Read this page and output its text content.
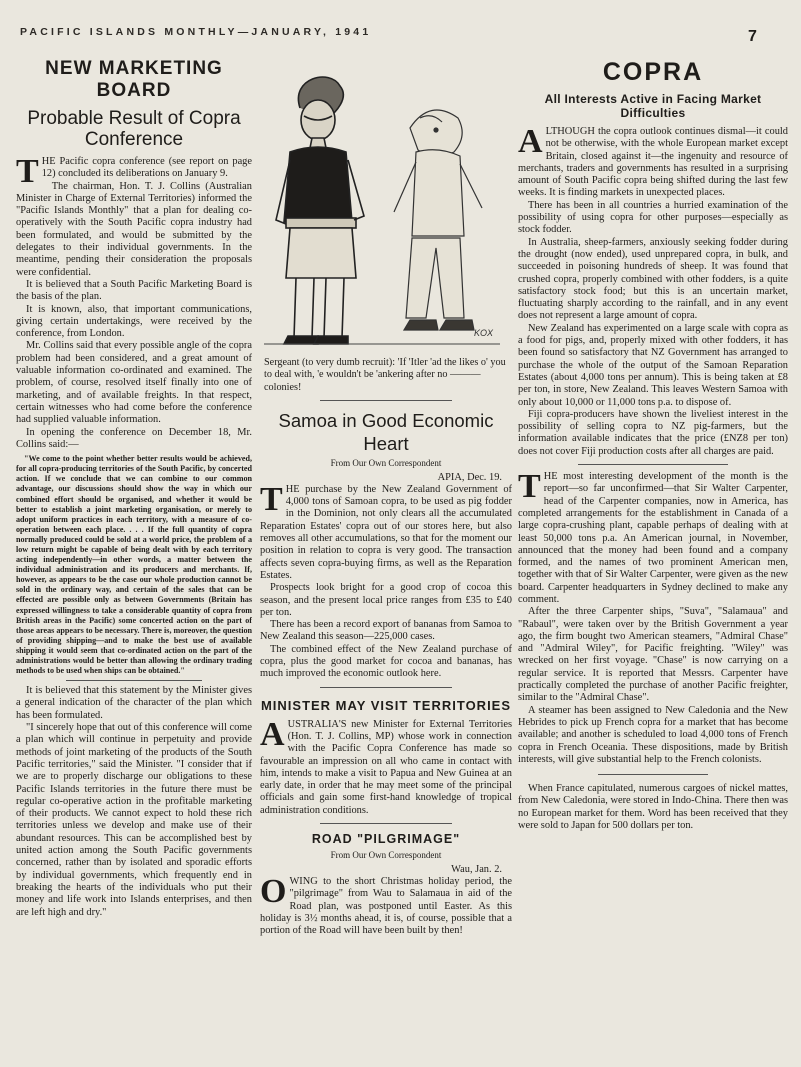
PACIFIC ISLANDS MONTHLY—JANUARY, 1941	7
NEW MARKETING BOARD
Probable Result of Copra Conference

THE Pacific copra conference (see report on page 12) concluded its deliberations on January 9.

The chairman, Hon. T. J. Collins (Australian Minister in Charge of External Territories) informed the "Pacific Islands Monthly" that a plan for dealing co-operatively with the South Pacific copra industry had been formulated, and would be submitted by the delegates to their individual governments. In the meantime, pending their consideration the proposals were confidential.

It is believed that a South Pacific Marketing Board is the basis of the plan.

It is known, also, that important communications, giving certain undertakings, were received by the conference, from London.

Mr. Collins said that every possible angle of the copra problem had been considered, and a great amount of valuable information co-ordinated and examined. The problem, of course, resolved itself finally into one of marketing, and of available freights. In that respect, certain witnesses who had come before the conference had supplied valuable information.

In opening the conference on December 18, Mr. Collins said:—

"We come to the point whether better results would be achieved, for all copra-producing territories of the South Pacific, by concerted action. If we conclude that we can combine to our common advantage, our discussions should show the way in which our combined effort should be organised, and whether it would be better to establish a joint marketing organisation, or merely to adopt uniform practices in each territory, with a measure of co-operation between each place. . . . If the full quantity of copra normally produced could be sold at a world price, the problem of a low return might be capable of being dealt with by each territory acting independently—in other words, a matter between the individual administration and its producers and merchants. If, however, as appears to be the case our whole production cannot be sold in the ordinary way, and certain of the sales that can be effected are possible only as between Governments (Britain has expressed willingness to take a considerable quantity of copra from British areas in the Pacific) some concerted action on the part of those areas appears to be necessary. There is, moreover, the question of providing shipping—and to make the best use of available shipping it would seem that co-ordinated action on the part of the administrations would be better than allowing the ordinary trading methods to be used when ships can be obtained."

It is believed that this statement by the Minister gives a general indication of the character of the plan which has been formulated.

"I sincerely hope that out of this conference will come a plan which will continue in perpetuity and provide methods of joint marketing of the products of the South Pacific territories," said the Minister. "I consider that if we are to properly discharge our obligations to these Pacific Islands territories in the future there must be regular co-operative action in the profitable marketing of their products. We cannot expect to hold these rich territories unless we develop and make use of their abundant resources. This can be accomplished best by united action among the South Pacific governments concerned, rather than by isolated and sporadic efforts by individual governments, which frequently end in breaking the hearts of the individuals who put their money and life work into Islands enterprises, and then are left high and dry."

KOX

Sergeant (to very dumb recruit): 'If 'Itler 'ad the likes o' you to deal with, 'e wouldn't be 'ankering after no ——— colonies!

Samoa in Good Economic Heart
From Our Own Correspondent
APIA, Dec. 19.

THE purchase by the New Zealand Government of 4,000 tons of Samoan copra, to be used as pig fodder in the Dominion, not only clears all the accumulated Reparation Estates' copra out of our stores here, but also removes all other accumulations, so that for the moment our position in relation to copra is very good. The transaction affects seven copra-buying firms, as well as the Reparation Estates.

Prospects look bright for a good crop of cocoa this season, and the present local price ranges from £35 to £40 per ton.

There has been a record export of bananas from Samoa to New Zealand this season—225,000 cases.

The combined effect of the New Zealand purchase of copra, plus the good market for cocoa and bananas, has much improved the economic outlook here.

MINISTER MAY VISIT TERRITORIES

AUSTRALIA'S new Minister for External Territories (Hon. T. J. Collins, MP) whose work in connection with the Pacific Copra Conference has made so favourable an impression on all who came in contact with him, intends to make a visit to Papua and New Guinea at an early date, in order that he may meet some of the principal officials and gain some first-hand knowledge of tropical administration conditions.

ROAD "PILGRIMAGE"
From Our Own Correspondent
Wau, Jan. 2.

OWING to the short Christmas holiday period, the "pilgrimage" from Wau to Salamaua in aid of the Road plan, was postponed until Easter. As this holiday is 3½ months ahead, it is, of course, possible that a portion of the Road will have been built by then!

COPRA
All Interests Active in Facing Market Difficulties

ALTHOUGH the copra outlook continues dismal—it could not be otherwise, with the whole European market except Britain, closed against it—the ingenuity and resource of merchants, traders and governments has resulted in a surprising amount of South Pacific copra being shifted during the last few weeks. It is finding markets in unexpected places.

There has been in all countries a hurried examination of the possibility of using copra for other purposes—especially as stock fodder.

In Australia, sheep-farmers, anxiously seeking fodder during the drought (now ended), used unprepared copra, in bulk, and succeeded in poisoning hundreds of sheep. It was found that crushed copra, properly combined with other fodders, is a quite satisfactory stock food; but this is an uncertain market, fluctuating sharply according to the rainfall, and in any event does not represent a large amount of copra.

New Zealand has experimented on a large scale with copra as a food for pigs, and, properly mixed with other fodders, it has been found so satisfactory that NZ Government has arranged to purchase the whole of the output of the Samoan Reparation Estates (about 4,000 tons per annum). This is being taken at £8 per ton, in store, New Zealand. This leaves Western Samoa with only about 10,000 or 11,000 tons p.a. to dispose of.

Fiji copra-producers have shown the liveliest interest in the possibility of selling copra to NZ pig-farmers, but the information available indicates that the price (£NZ8 per ton) does not cover Fiji production costs after all charges are paid.

THE most interesting development of the month is the report—so far unconfirmed—that Sir Walter Carpenter, head of the Carpenter companies, now in America, has completed arrangements for the establishment in Canada of a large copra-crushing plant, capable perhaps of dealing with at least 50,000 tons p.a. An American journal, in November, announced that the money had been found and a company formed, and the names of two prominent American men, together with that of Sir Walter Carpenter, were given as the new board. Carpenter headquarters in Sydney declined to make any comment.

After the three Carpenter ships, "Suva", "Salamaua" and "Rabaul", were taken over by the British Government a year ago, the firm bought two American steamers, "Admiral Chase" and "Admiral Wiley", for Pacific freighting. "Wiley" was wrecked on her first voyage. "Chase" is now carrying on a regular service. It is reported that Messrs. Carpenter have practically completed the purchase of another Pacific freighter, similar to the "Admiral Chase".

A steamer has been assigned to New Caledonia and the New Hebrides to pick up French copra for a market that has become available; and another is scheduled to load 4,000 tons of French copra in French Oceania. These dispositions, made by British interests, will give substantial help to the French colonists.

When France capitulated, numerous cargoes of nickel mattes, from New Caledonia, were stored in Indo-China. There then was no European market for them. Word has been received that they were sold to Japan for 500 dollars per ton.
